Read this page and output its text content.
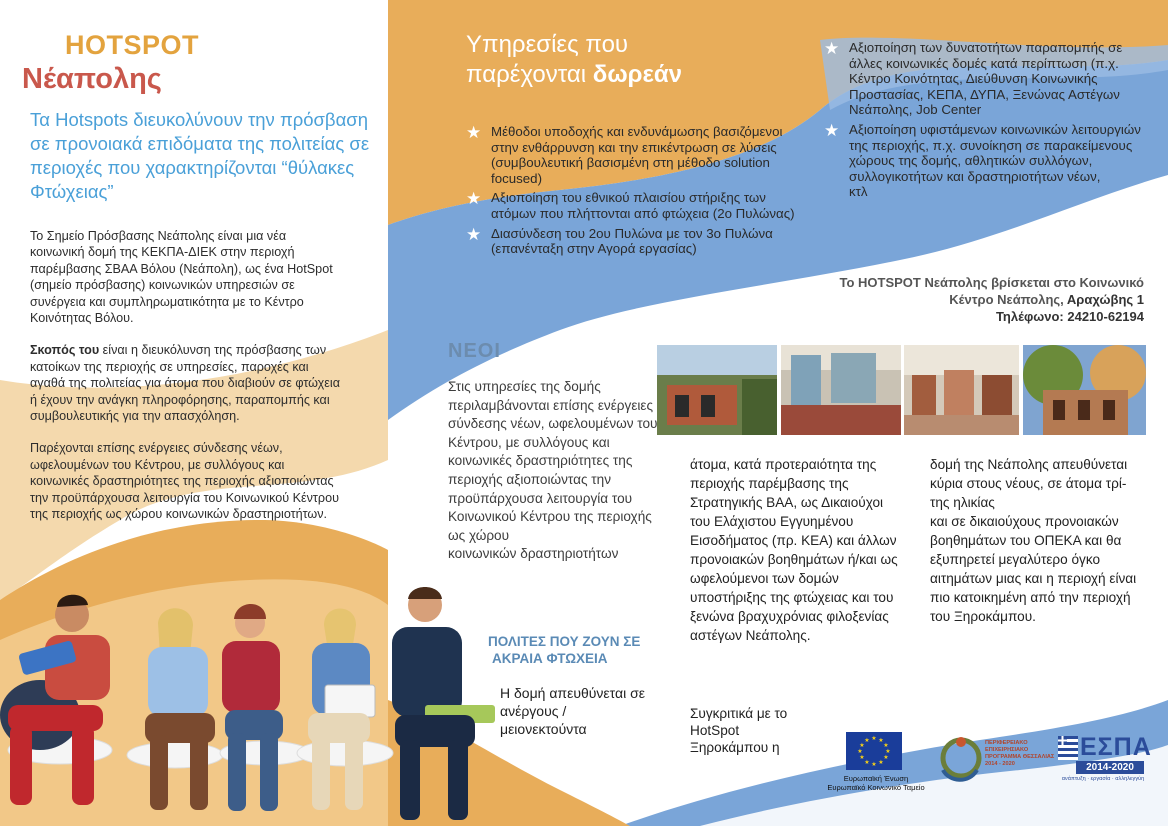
HOTSPOT
Νέαπολης
Τα Hotspots διευκολύνουν την πρόσβαση σε προνοιακά επιδόματα της πολιτείας σε περιοχές που χαρακτηρίζονται “θύλακες Φτώχειας”

Το Σημείο Πρόσβασης Νεάπολης είναι μια νέα κοινωνική δομή της ΚΕΚΠΑ-ΔΙΕΚ στην περιοχή παρέμβασης ΣΒΑΑ Βόλου (Νεάπολη), ως ένα HotSpot (σημείο πρόσβασης) κοινωνικών υπηρεσιών σε συνέργεια και συμπληρωματικότητα με το Κέντρο Κοινότητας Βόλου.

Σκοπός του είναι η διευκόλυνση της πρόσβασης των κατοίκων της περιοχής σε υπηρεσίες, παροχές και αγαθά της πολιτείας για άτομα που διαβιούν σε φτώχεια ή έχουν την ανάγκη πληροφόρησης, παραπομπής και συμβουλευτικής για την απασχόληση.

Παρέχονται επίσης ενέργειες σύνδεσης νέων, ωφελουμένων του Κέντρου, με συλλόγους και κοινωνικές δραστηριότητες της περιοχής αξιοποιώντας την προϋπάρχουσα λειτουργία του Κοινωνικού Κέντρου της περιοχής ως χώρου κοινωνικών δραστηριοτήτων.

Υπηρεσίες που
παρέχονται δωρεάν
★ Μέθοδοι υποδοχής και ενδυνάμωσης βασιζόμενοι στην ενθάρρυνση και την επικέντρωση σε λύσεις (συμβουλευτική βασισμένη στη μέθοδο solution focused)
★ Αξιοποίηση του εθνικού πλαισίου στήριξης των ατόμων που πλήττονται από φτώχεια (2ο Πυλώνας)
★ Διασύνδεση του 2ου Πυλώνα με τον 3ο Πυλώνα (επανένταξη στην Αγορά εργασίας)
★ Αξιοποίηση των δυνατοτήτων παραπομπής σε άλλες κοινωνικές δομές κατά περίπτωση (π.χ. Κέντρο Κοινότητας, Διεύθυνση Κοινωνικής Προστασίας, ΚΕΠΑ, ΔΥΠΑ, Ξενώνας Αστέγων Νεάπολης, Job Center
★ Αξιοποίηση υφιστάμενων κοινωνικών λειτουργιών της περιοχής, π.χ. συνοίκηση σε παρακείμενους χώρους της δομής, αθλητικών συλλόγων, συλλογικοτήτων και δραστηριοτήτων νέων,
κτλ
Το HOTSPOT Νεάπολης βρίσκεται στο Κοινωνικό
Κέντρο Νεάπολης, Αραχώβης 1
Τηλέφωνο: 24210-62194
ΝΕΟΙ
Στις υπηρεσίες της δομής περιλαμβάνονται επίσης ενέργειες σύνδεσης νέων, ωφελουμένων του Κέντρου, με συλλόγους και κοινωνικές δραστηριότητες της περιοχής αξιοποιώντας την προϋπάρχουσα λειτουργία του Κοινωνικού Κέντρου της περιοχής ως χώρου
κοινωνικών δραστηριοτήτων
άτομα, κατά προτεραιότητα της περιοχής παρέμβασης της Στρατηγικής ΒΑΑ, ως Δικαιούχοι του Ελάχιστου Εγγυημένου Εισοδήματος (πρ. ΚΕΑ) και άλλων προνοιακών βοηθημάτων ή/και ως ωφελούμενοι των δομών υποστήριξης της φτώχειας και του ξενώνα βραχυχρόνιας φιλοξενίας αστέγων Νεάπολης.
Συγκριτικά με το HotSpot Ξηροκάμπου η
δομή της Νεάπολης απευθύνεται κύρια στους νέους, σε άτομα τρί- της ηλικίας
και σε δικαιούχους προνοιακών βοηθημάτων του ΟΠΕΚΑ και θα εξυπηρετεί μεγαλύτερο όγκο αιτημάτων μιας και η περιοχή είναι πιο κατοικημένη από την περιοχή του Ξηροκάμπου.
ΠΟΛΙΤΕΣ ΠΟΥ ΖΟΥΝ ΣΕ
ΑΚΡΑΙΑ ΦΤΩΧΕΙΑ
Η δομή απευθύνεται σε ανέργους /
μειονεκτούντα
★ ★
★
★
★
★
★
★
★
★
★
★
Ευρωπαϊκή Ένωση
Ευρωπαϊκό Κοινωνικό Ταμείο
ΠΕΡΙΦΕΡΕΙΑΚΟ ΕΠΙΧΕΙΡΗΣΙΑΚΟ ΠΡΟΓΡΑΜΜΑ ΘΕΣΣΑΛΙΑΣ 2014 - 2020
ΕΣΠΑ
2014-2020
ανάπτυξη · εργασία · αλληλεγγύη
